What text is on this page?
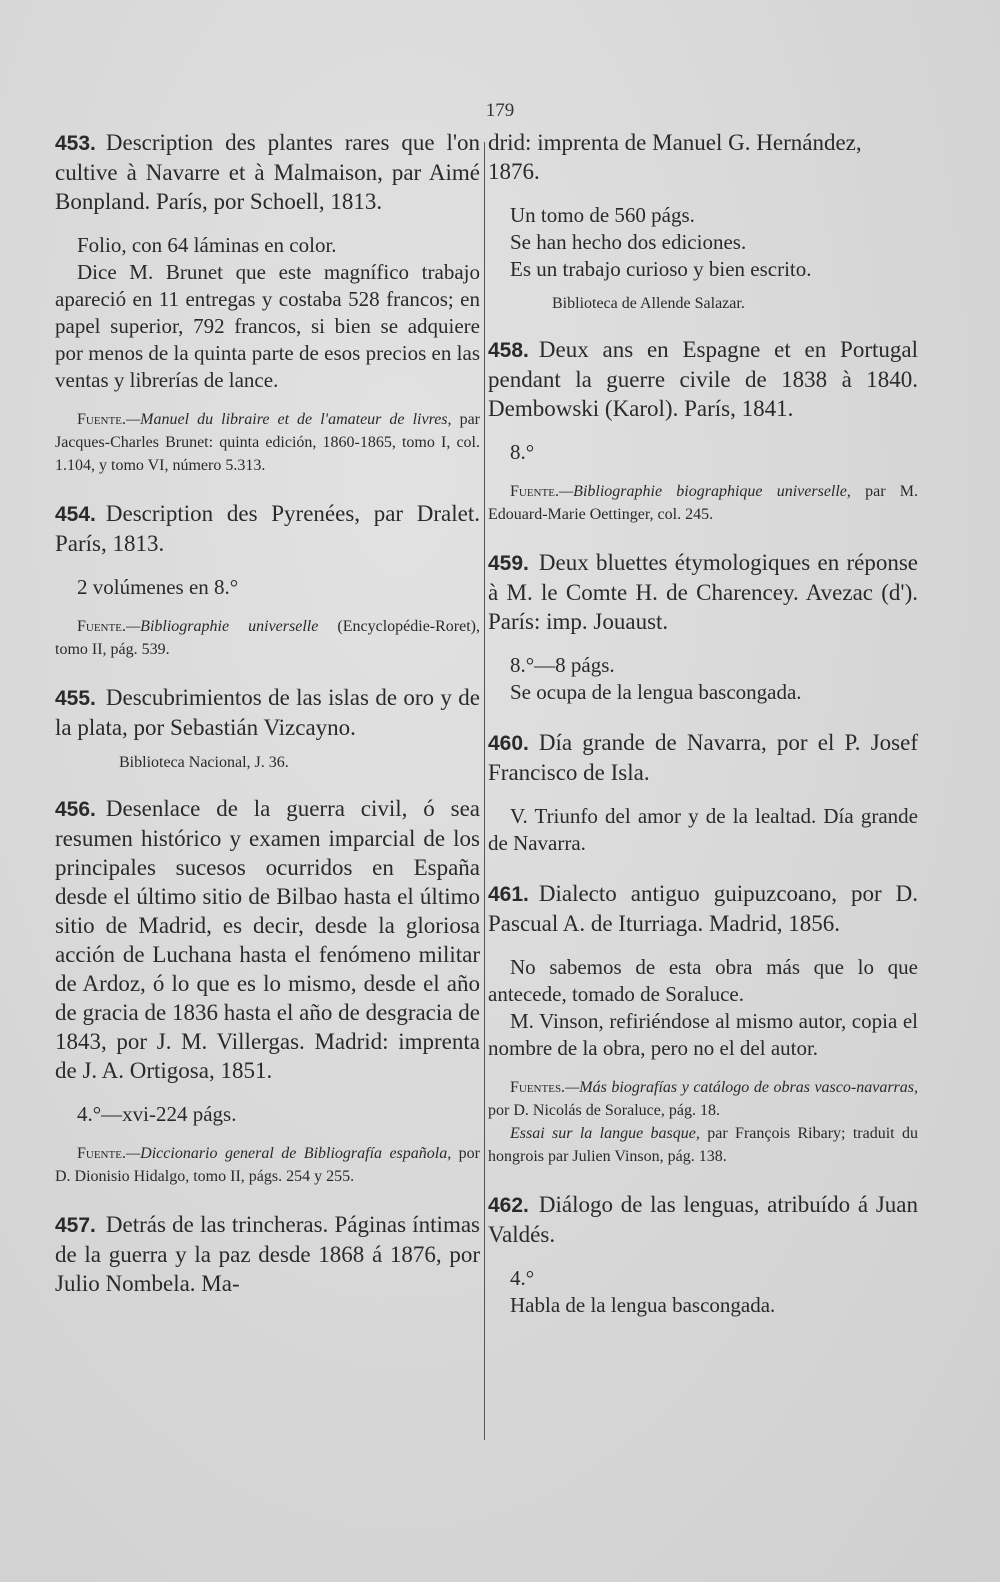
179

453. Description des plantes rares que l'on cultive à Navarre et à Malmaison, par Aimé Bonpland. París, por Schoell, 1813.

Folio, con 64 láminas en color.

Dice M. Brunet que este magnífico trabajo apareció en 11 entregas y costaba 528 francos; en papel superior, 792 francos, si bien se adquiere por menos de la quinta parte de esos precios en las ventas y librerías de lance.

Fuente.—Manuel du libraire et de l'amateur de livres, par Jacques-Charles Brunet: quinta edición, 1860-1865, tomo I, col. 1.104, y tomo VI, número 5.313.

454. Description des Pyrenées, par Dralet. París, 1813.

2 volúmenes en 8.°

Fuente.—Bibliographie universelle (Encyclopédie-Roret), tomo II, pág. 539.

455. Descubrimientos de las islas de oro y de la plata, por Sebastián Vizcayno.

Biblioteca Nacional, J. 36.

456. Desenlace de la guerra civil, ó sea resumen histórico y examen imparcial de los principales sucesos ocurridos en España desde el último sitio de Bilbao hasta el último sitio de Madrid, es decir, desde la gloriosa acción de Luchana hasta el fenómeno militar de Ardoz, ó lo que es lo mismo, desde el año de gracia de 1836 hasta el año de desgracia de 1843, por J. M. Villergas. Madrid: imprenta de J. A. Ortigosa, 1851.

4.°—xvi-224 págs.

Fuente.—Diccionario general de Bibliografía española, por D. Dionisio Hidalgo, tomo II, págs. 254 y 255.

457. Detrás de las trincheras. Páginas íntimas de la guerra y la paz desde 1868 á 1876, por Julio Nombela. Ma-

drid: imprenta de Manuel G. Hernández, 1876.

Un tomo de 560 págs.

Se han hecho dos ediciones.

Es un trabajo curioso y bien escrito.

Biblioteca de Allende Salazar.

458. Deux ans en Espagne et en Portugal pendant la guerre civile de 1838 à 1840. Dembowski (Karol). París, 1841.

8.°

Fuente.—Bibliographie biographique universelle, par M. Edouard-Marie Oettinger, col. 245.

459. Deux bluettes étymologiques en réponse à M. le Comte H. de Charencey. Avezac (d'). París: imp. Jouaust.

8.°—8 págs.

Se ocupa de la lengua bascongada.

460. Día grande de Navarra, por el P. Josef Francisco de Isla.

V. Triunfo del amor y de la lealtad. Día grande de Navarra.

461. Dialecto antiguo guipuzcoano, por D. Pascual A. de Iturriaga. Madrid, 1856.

No sabemos de esta obra más que lo que antecede, tomado de Soraluce.

M. Vinson, refiriéndose al mismo autor, copia el nombre de la obra, pero no el del autor.

Fuentes.—Más biografías y catálogo de obras vasco-navarras, por D. Nicolás de Soraluce, pág. 18.

Essai sur la langue basque, par François Ribary; traduit du hongrois par Julien Vinson, pág. 138.

462. Diálogo de las lenguas, atribuído á Juan Valdés.

4.°

Habla de la lengua bascongada.
